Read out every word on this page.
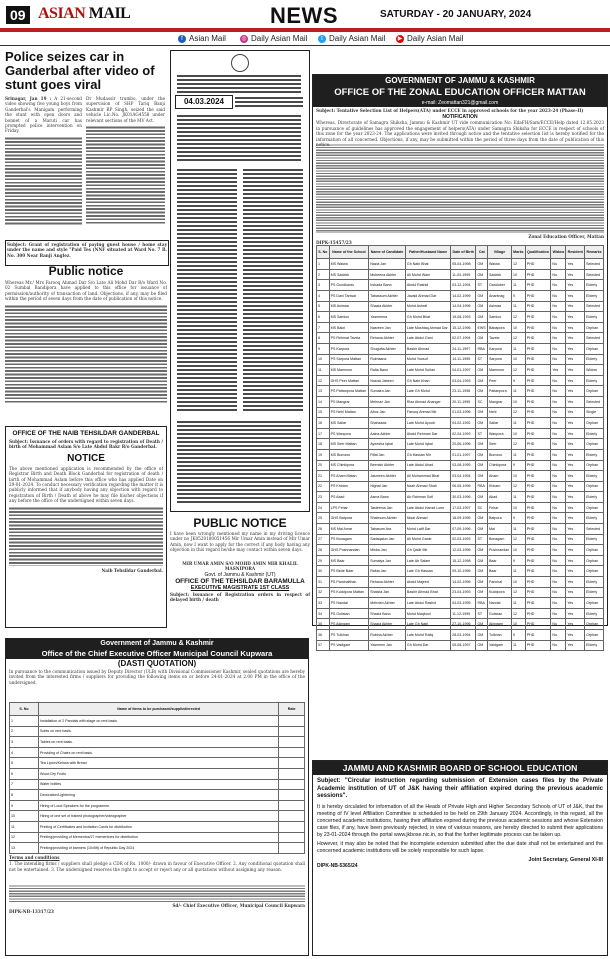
09 ASIAN MAIL	NEWS	SATURDAY - 20 JANUARY, 2024
f Asian Mail	◎ Daily Asian Mail	t Daily Asian Mail ▶ Daily Asian Mail
Police seizes car in Ganderbal after video of stunt goes viral
Srinagar, Jan 19 : A 21-second video showing five young boys from Ganderbal's Manigam performing the stunt with open doors and bonnet of a Maruti car has prompted police intervention on Friday.
Dr Mudassir trumbo, under the supervision of SHP Tariq Banji Kashmir RP Singh, seized the said vehicle Lic.No. JK01AG4558 under relevant sections of the MV Act.
Subject: Grant of registration of paying guest house / home stay under the name and style "Paid Tes (NNF situated at Ward No. 7 B. No. 300 Near Banji Anglez.
Public notice
Whereas Mr./ Mrs Farooq Ahmad Dar S/o Late Ali Mohd Dar R/o Ward No. 02 Sumbal Bandipora have applied to this office for issuance of permission/authority of transaction of land. Objections, if any, may be filed within the period of seven days from the date of publication of this notice.
OFFICE OF THE NAIB TEHSILDAR GANDERBAL
Subject: Issuance of orders with regard to registration of Death / birth of Mohammad Aslam S/o Late Abdul Bakr R/o Ganderbal.
NOTICE
The above mentioned application is recommended by the office of Registrar Birth and Death Block Ganderbal for registration of death / birth of Mohammad Aslam before this office who has applied Date on 29-01-2024. To conduct necessary verification regarding the matter it is publicly informed that if anybody having any objection with regard to registration of Birth / Death of above he may file his/her objections if any before the office of the undersigned within seven days.
Naib Tehsildar Ganderbal.
04.03.2024
PUBLIC NOTICE
I have been wrongly mentioned my name in my driving licence under no JK0520180051456 Mir Umar Amin instead of Mir Umar Amin, now I want to apply for the correct if any body having any objection in this regard he/she may contact within seven days.
MIR UMAR AMIN S/O MOHD AMIN MIR KHALIL MASNIPORA
Govt. of Jammu & Kashmir (UT)
OFFICE OF THE TEHSILDAR BARAMULLA
EXECUTIVE MAGISTRATE 1ST CLASS
Subject: Issuance of Registration orders in respect of delayed birth / death
GOVERNMENT OF JAMMU & KASHMIR
OFFICE OF THE ZONAL EDUCATION OFFICER MATTAN
e-mail: Zeomattan321@gmail.com
Subject: Tentative Selection List of Helpers(ATA) under ECCE in approved schools for the year 2023-24 (Phase-II)
NOTIFICATION
Whereas, Directorate of Samagra Shiksha, Jammu & Kashmir UT vide communication No: EdaFH/Sam/ECCE/Help dated 12.05.2023 in pursuance of guidelines has approved the engagement of helpers(ATA) under Samagra Shiksha for ECCE in respect of schools of this zone for the year 2023-24. The applications were invited through notice and the tentative selection list is hereby notified for the information of all concerned. Objections, if any, may be submitted within the period of three days from the date of publication of this notice.
Zonal Education Officer, Mattan
DIPK-15457/23
S. No	Name of the School	Name of Candidate	Father/Husband Name	Date of Birth	Cat	Village	Marks	Qualification	Widow	Resident	Remarks
1	MS Walwa	Nazia Jan	Gh Nabi Bhat	05-04-1998	OM	Walwa	12	PHD	No	Yes	Selected
2	MS Saddek	Mubeena Akhter	Ali Mohd Wani	11-03-1995	OM	Saddek	10	PHD	No	Yes	Selected
3	PS Gundharav	Irshada Bano	Abdul Rashid	03-12-1994	ST	Ganduber	11	PHD	No	Yes	Elderly
4	PS Dani Tanwal	Tabassum Akhter	Javaid Ahmad Dar	14-02-1999	OM	Anantnag	9	PHD	No	Yes	Elderly
5	MS Asimaa	Shazia Akhter	Mohd Ashraf	14-04-1996	OM	Asimaa	11	PHD	No	Yes	Selected
6	MS Samloo	Yasmeena	Gh Mohd Bhat	19-08-1993	OM	Samloo	12	PHD	No	Yes	Elderly
7	MS Bakri	Nasreen Jan	Late Mushtaq Ahmad Dar	15-12-1996	EWS	Babapora	10	PHD	No	Yes	Orphan
8	PS Rehmat Tavela	Rehana Akhter	Late Abdul Gani	02-07-1994	OM	Tavela	12	PHD	No	Yes	Selected
9	PS Karpora	Shugufta Akhter	Bashir Ahmad	24-11-1997	RBA	Karpora	11	PHD	No	Yes	Orphan
10	PS Sarpora Mattan	Rukhsana	Mohd Yousuf	14-11-1995	ST	Sarpora	10	PHD	No	Yes	Elderly
11	MS Mamnoor	Rafia Bano	Late Mohd Sultan	04-01-1997	OM	Mamnoor	12	PHD	Yes	Yes	Widow
12	GHS Peer Mattan	Nusrat Jabeen	Gh Nabi Khan	03-04-1993	OM	Peer	9	PHD	No	Yes	Elderly
13	PS Pattanpora Mattan	Sumaira Jan	Late Gh Mohd	23-11-1998	OM	Pattanpora	11	PHD	No	Yes	Orphan
14	PS Mangrar	Mehnaz Jan	Riaz Ahmad Ahanger	20-11-1995	SC	Mangrar	10	PHD	No	Yes	Selected
15	PS Nehl Mattan	Afroz Jan	Farooq Ahmad Mir	01-03-1996	OM	Nehl	12	PHD	No	Yes	Single
16	MS Sallar	Shahzada	Late Mohd Ayoub	04-02-1992	OM	Sallar	11	PHD	No	Yes	Orphan
17	PS Wanpora	Aaina Akhter	Abdul Rehman Dar	02-04-1993	ST	Wanpora	10	PHD	No	Yes	Elderly
18	MS Seer Mattan	Ayeesha Iqbal	Late Mohd Iqbal	20-06-1996	OM	Seer	12	PHD	No	Yes	Orphan
19	MS Bumzoo	Rifat Jan	Gh Hassan Mir	01-01-1997	OM	Bumzoo	11	PHD	No	Yes	Elderly
20	MS Chinkipora	Beenish Akhter	Late Abdul Ahad	03-08-1995	OM	Chinkipora	9	PHD	No	Yes	Orphan
21	PS Aham Matan	Jasmeen Akhter	Ali Mohammad Bhat	03-04-1994	OM	Aham	10	PHD	No	Yes	Elderly
22	PS Khiram	Nighat Jan	Nazir Ahmad Shah	06-05-1996	RBA	Khiram	12	PHD	No	Yes	Orphan
23	PS Akad	Asma Bano	Ab Rahman Sofi	30-03-1996	OM	Akad	11	PHD	No	Yes	Elderly
24	LPS Fehar	Tasleema Jan	Late Abdul Hamid Lone	17-03-1997	SC	Fehar	10	PHD	No	Yes	Orphan
25	GHS Batpora	Shabnum Akhter	Nisar Ahmad	18-09-1995	OM	Batpora	9	PHD	No	Yes	Elderly
26	MS Mal Amar	Tabasum Ara	Mohd Latif Dar	07-09-1996	OM	Mal	11	PHD	No	Yes	Selected
27	PS Bonagam	Sadaqatun Jan	Ali Mohd Ganie	02-03-1993	ST	Bonagam	12	PHD	No	Yes	Elderly
28	GHS Pushnandan	Misba Jan	Gh Qadir Mir	12-03-1996	OM	Pushnandan	10	PHD	No	Yes	Orphan
29	MS Baar	Sumaiya Jan	Late Ab Salam	15-12-1998	OM	Baar	9	PHD	No	Yes	Orphan
30	PS Bede Baar	Rabia Jan	Late Gh Hassan	09-10-1996	OM	Baar	11	PHD	No	Yes	Orphan
31	PS Panchalthan	Rehana Akhter	Abdul Majeed	14-02-1996	OM	Panchal	10	PHD	No	Yes	Elderly
32	PS Kuddpora Mattan	Shaista Jan	Bashir Ahmad Bhat	23-04-1993	OM	Kuddpora	12	PHD	No	Yes	Elderly
33	PS Nandal	Mehvish Akhter	Late Abdul Rashid	04-03-1995	RBA	Nandal	11	PHD	No	Yes	Orphan
34	PS Gulistan	Shazia Bano	Mohd Maqbool	11-12-1995	ST	Gulistan	12	PHD	No	Yes	Elderly
35	PS Akingam	Shazia Akhter	Late Gh Nabi	27-10-1996	OM	Akingam	10	PHD	No	Yes	Orphan
36	PS Tulkhan	Rubina Akhter	Late Mohd Rafiq	28-03-1994	OM	Tulkhan	9	PHD	No	Yes	Orphan
37	PS Vaidgam	Yasmeen Jan	Gh Mohd Dar	05-08-1997	OM	Vaidgam	11	PHD	No	Yes	Elderly
Government of Jammu & Kashmir
Office of the Chief Executive Officer Municipal Council Kupwara
(DASTI QUOTATION)
In pursuance to the communication issued by Deputy Director (ULB) with Divisional Commissioner Kashmir, sealed quotations are hereby invited from the interested firms / suppliers for providing the following items on or before 24-01-2024 at 2.00 PM in the office of the undersigned.
S. No	Name of items to be purchased/supplied/erected	Rate
1	Installation of 2 Pandals with stage on rent basis.	
2	Sofas on rent basis.	
3	Tables on rent basis.	
4	Providing of Chairs on rent basis.	
5	Tea Lipton/Kehwa with Bread	
6	Wood Dry Fruits	
7	Water bottles	
8	Decoration/Lightening	
9	Hiring of Loud Speakers for the programme.	
10	Hiring of one set of trained photographer/videographer	
11	Printing of Certificates and Invitation Cards for distribution	
12	Printing/providing of Mementos/27 mementoes for distribution	
13	Printing/providing of banners (10x5ft) of Republic Day 2024	
Terms and conditions
1. The intending firms / suppliers shall pledge a CDR of Rs. 1000/- drawn in favour of Executive Officer. 2. Any conditional quotation shall not be entertained. 3. The undersigned reserves the right to accept or reject any or all quotations without assigning any reason.
Sd/- Chief Executive Officer, Municipal Council Kupwara
DIPK-NB-13317/23
JAMMU AND KASHMIR BOARD OF SCHOOL EDUCATION
Subject: "Circular instruction regarding submission of Extension cases files by the Private Academic institution of UT of J&K having their affiliation expired during the previous academic sessions".
It is hereby circulated for information of all the Heads of Private High and Higher Secondary Schools of UT of J&K, that the meeting of IV level Affiliation Committee is scheduled to be held on 29th January 2024. Accordingly, in this regard, all the concerned academic institutions, having their affiliation expired during the previous academic sessions and whose Extension case files, if any, have been previously rejected, in view of various reasons, are hereby directed to submit their applications by 23-01-2024 through the portal www.jkbose.nic.in, so that the further legitimate process can be taken up.
However, it may also be noted that the incomplete extension submitted after the due date shall not be entertained and the concerned academic institutions will be solely responsible for such lapse.
Joint Secretary, General XI-III
DIPK-NB-5365/24
